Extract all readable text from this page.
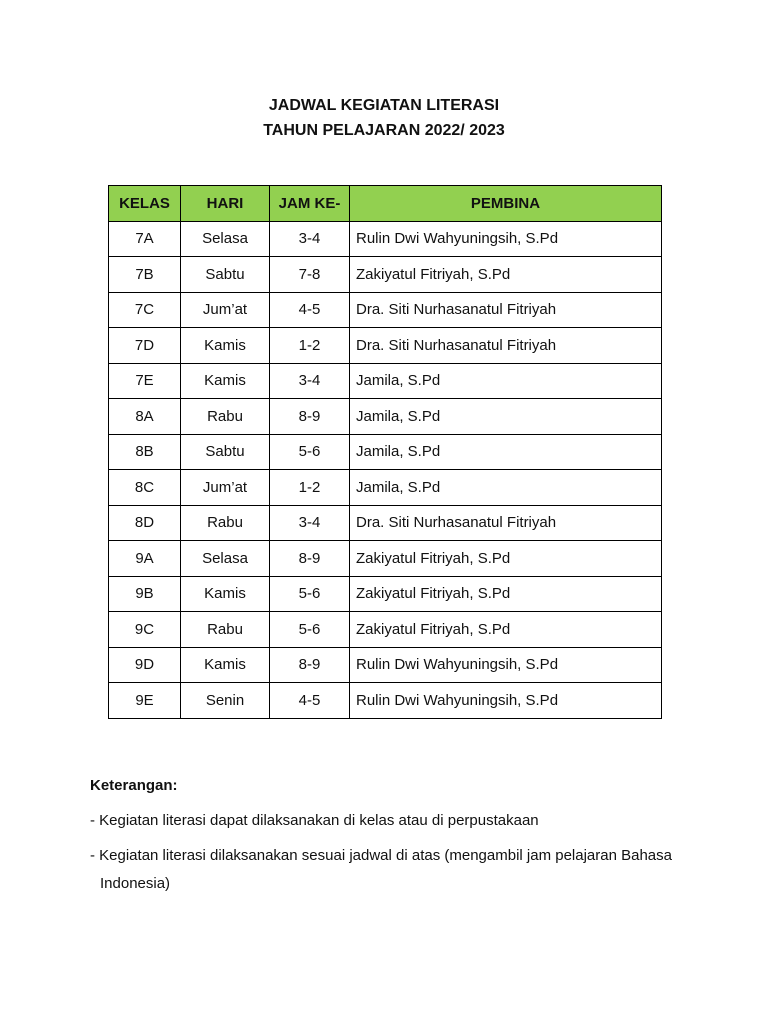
JADWAL KEGIATAN LITERASI
TAHUN PELAJARAN 2022/ 2023
KELAS	HARI	JAM KE-	PEMBINA
7A	Selasa	3-4	Rulin Dwi Wahyuningsih, S.Pd
7B	Sabtu	7-8	Zakiyatul Fitriyah, S.Pd
7C	Jum’at	4-5	Dra. Siti Nurhasanatul Fitriyah
7D	Kamis	1-2	Dra. Siti Nurhasanatul Fitriyah
7E	Kamis	3-4	Jamila, S.Pd
8A	Rabu	8-9	Jamila, S.Pd
8B	Sabtu	5-6	Jamila, S.Pd
8C	Jum’at	1-2	Jamila, S.Pd
8D	Rabu	3-4	Dra. Siti Nurhasanatul Fitriyah
9A	Selasa	8-9	Zakiyatul Fitriyah, S.Pd
9B	Kamis	5-6	Zakiyatul Fitriyah, S.Pd
9C	Rabu	5-6	Zakiyatul Fitriyah, S.Pd
9D	Kamis	8-9	Rulin Dwi Wahyuningsih, S.Pd
9E	Senin	4-5	Rulin Dwi Wahyuningsih, S.Pd
Keterangan:
- Kegiatan literasi dapat dilaksanakan di kelas atau di perpustakaan
- Kegiatan literasi dilaksanakan sesuai jadwal di atas (mengambil jam pelajaran Bahasa Indonesia)
